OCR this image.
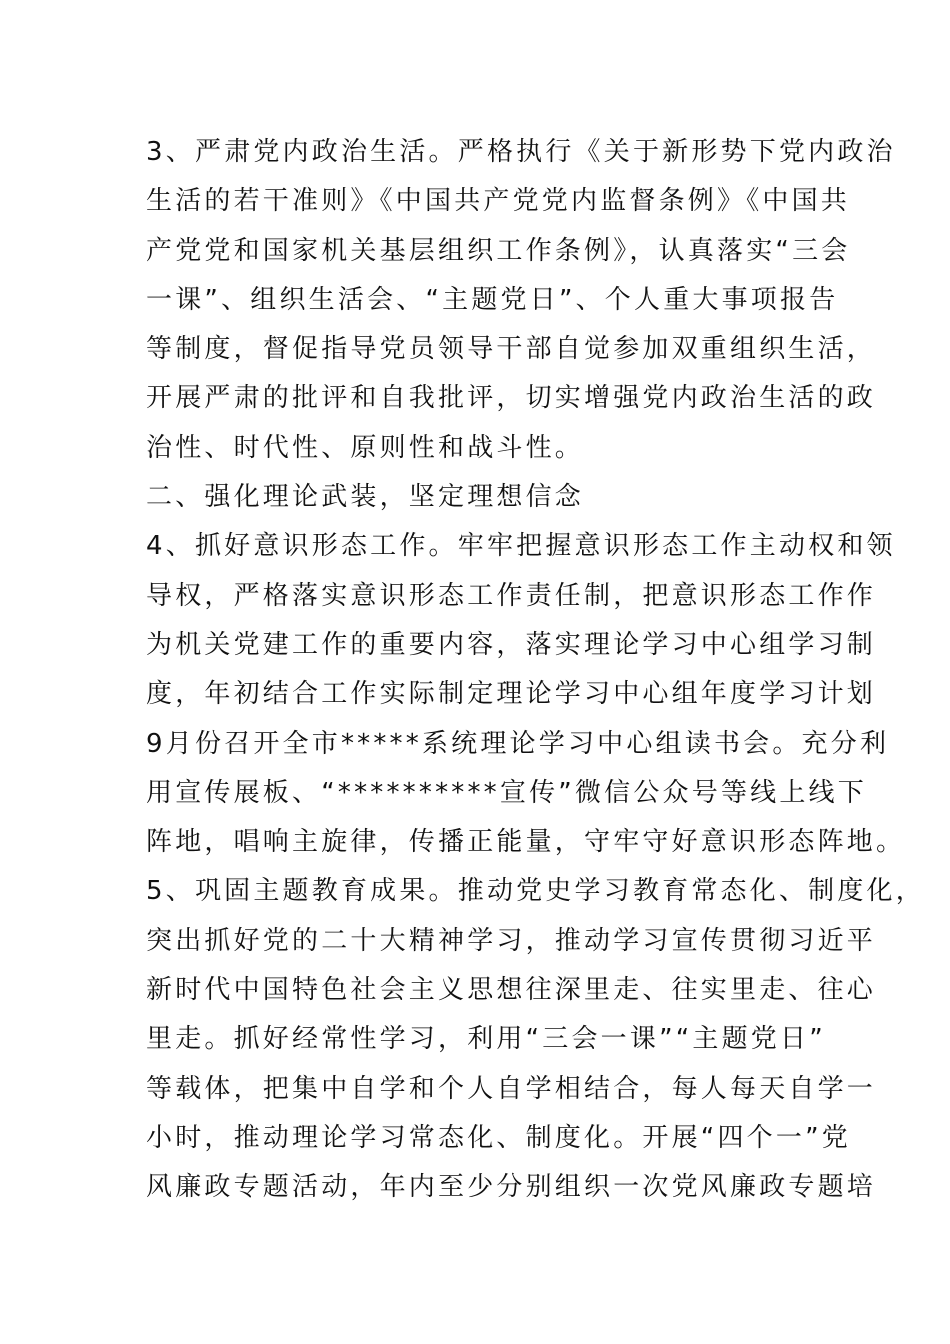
3、严肃党内政治生活。严格执行《关于新形势下党内政治
生活的若干准则》《中国共产党党内监督条例》《中国共
产党党和国家机关基层组织工作条例》，认真落实“三会
一课”、组织生活会、“主题党日”、个人重大事项报告
等制度，督促指导党员领导干部自觉参加双重组织生活，
开展严肃的批评和自我批评，切实增强党内政治生活的政
治性、时代性、原则性和战斗性。
二、强化理论武装，坚定理想信念
4、抓好意识形态工作。牢牢把握意识形态工作主动权和领
导权，严格落实意识形态工作责任制，把意识形态工作作
为机关党建工作的重要内容，落实理论学习中心组学习制
度，年初结合工作实际制定理论学习中心组年度学习计划
9月份召开全市*****系统理论学习中心组读书会。充分利
用宣传展板、“**********宣传”微信公众号等线上线下
阵地，唱响主旋律，传播正能量，守牢守好意识形态阵地。
5、巩固主题教育成果。推动党史学习教育常态化、制度化，
突出抓好党的二十大精神学习，推动学习宣传贯彻习近平
新时代中国特色社会主义思想往深里走、往实里走、往心
里走。抓好经常性学习，利用“三会一课”“主题党日”
等载体，把集中自学和个人自学相结合，每人每天自学一
小时，推动理论学习常态化、制度化。开展“四个一”党
风廉政专题活动，年内至少分别组织一次党风廉政专题培
